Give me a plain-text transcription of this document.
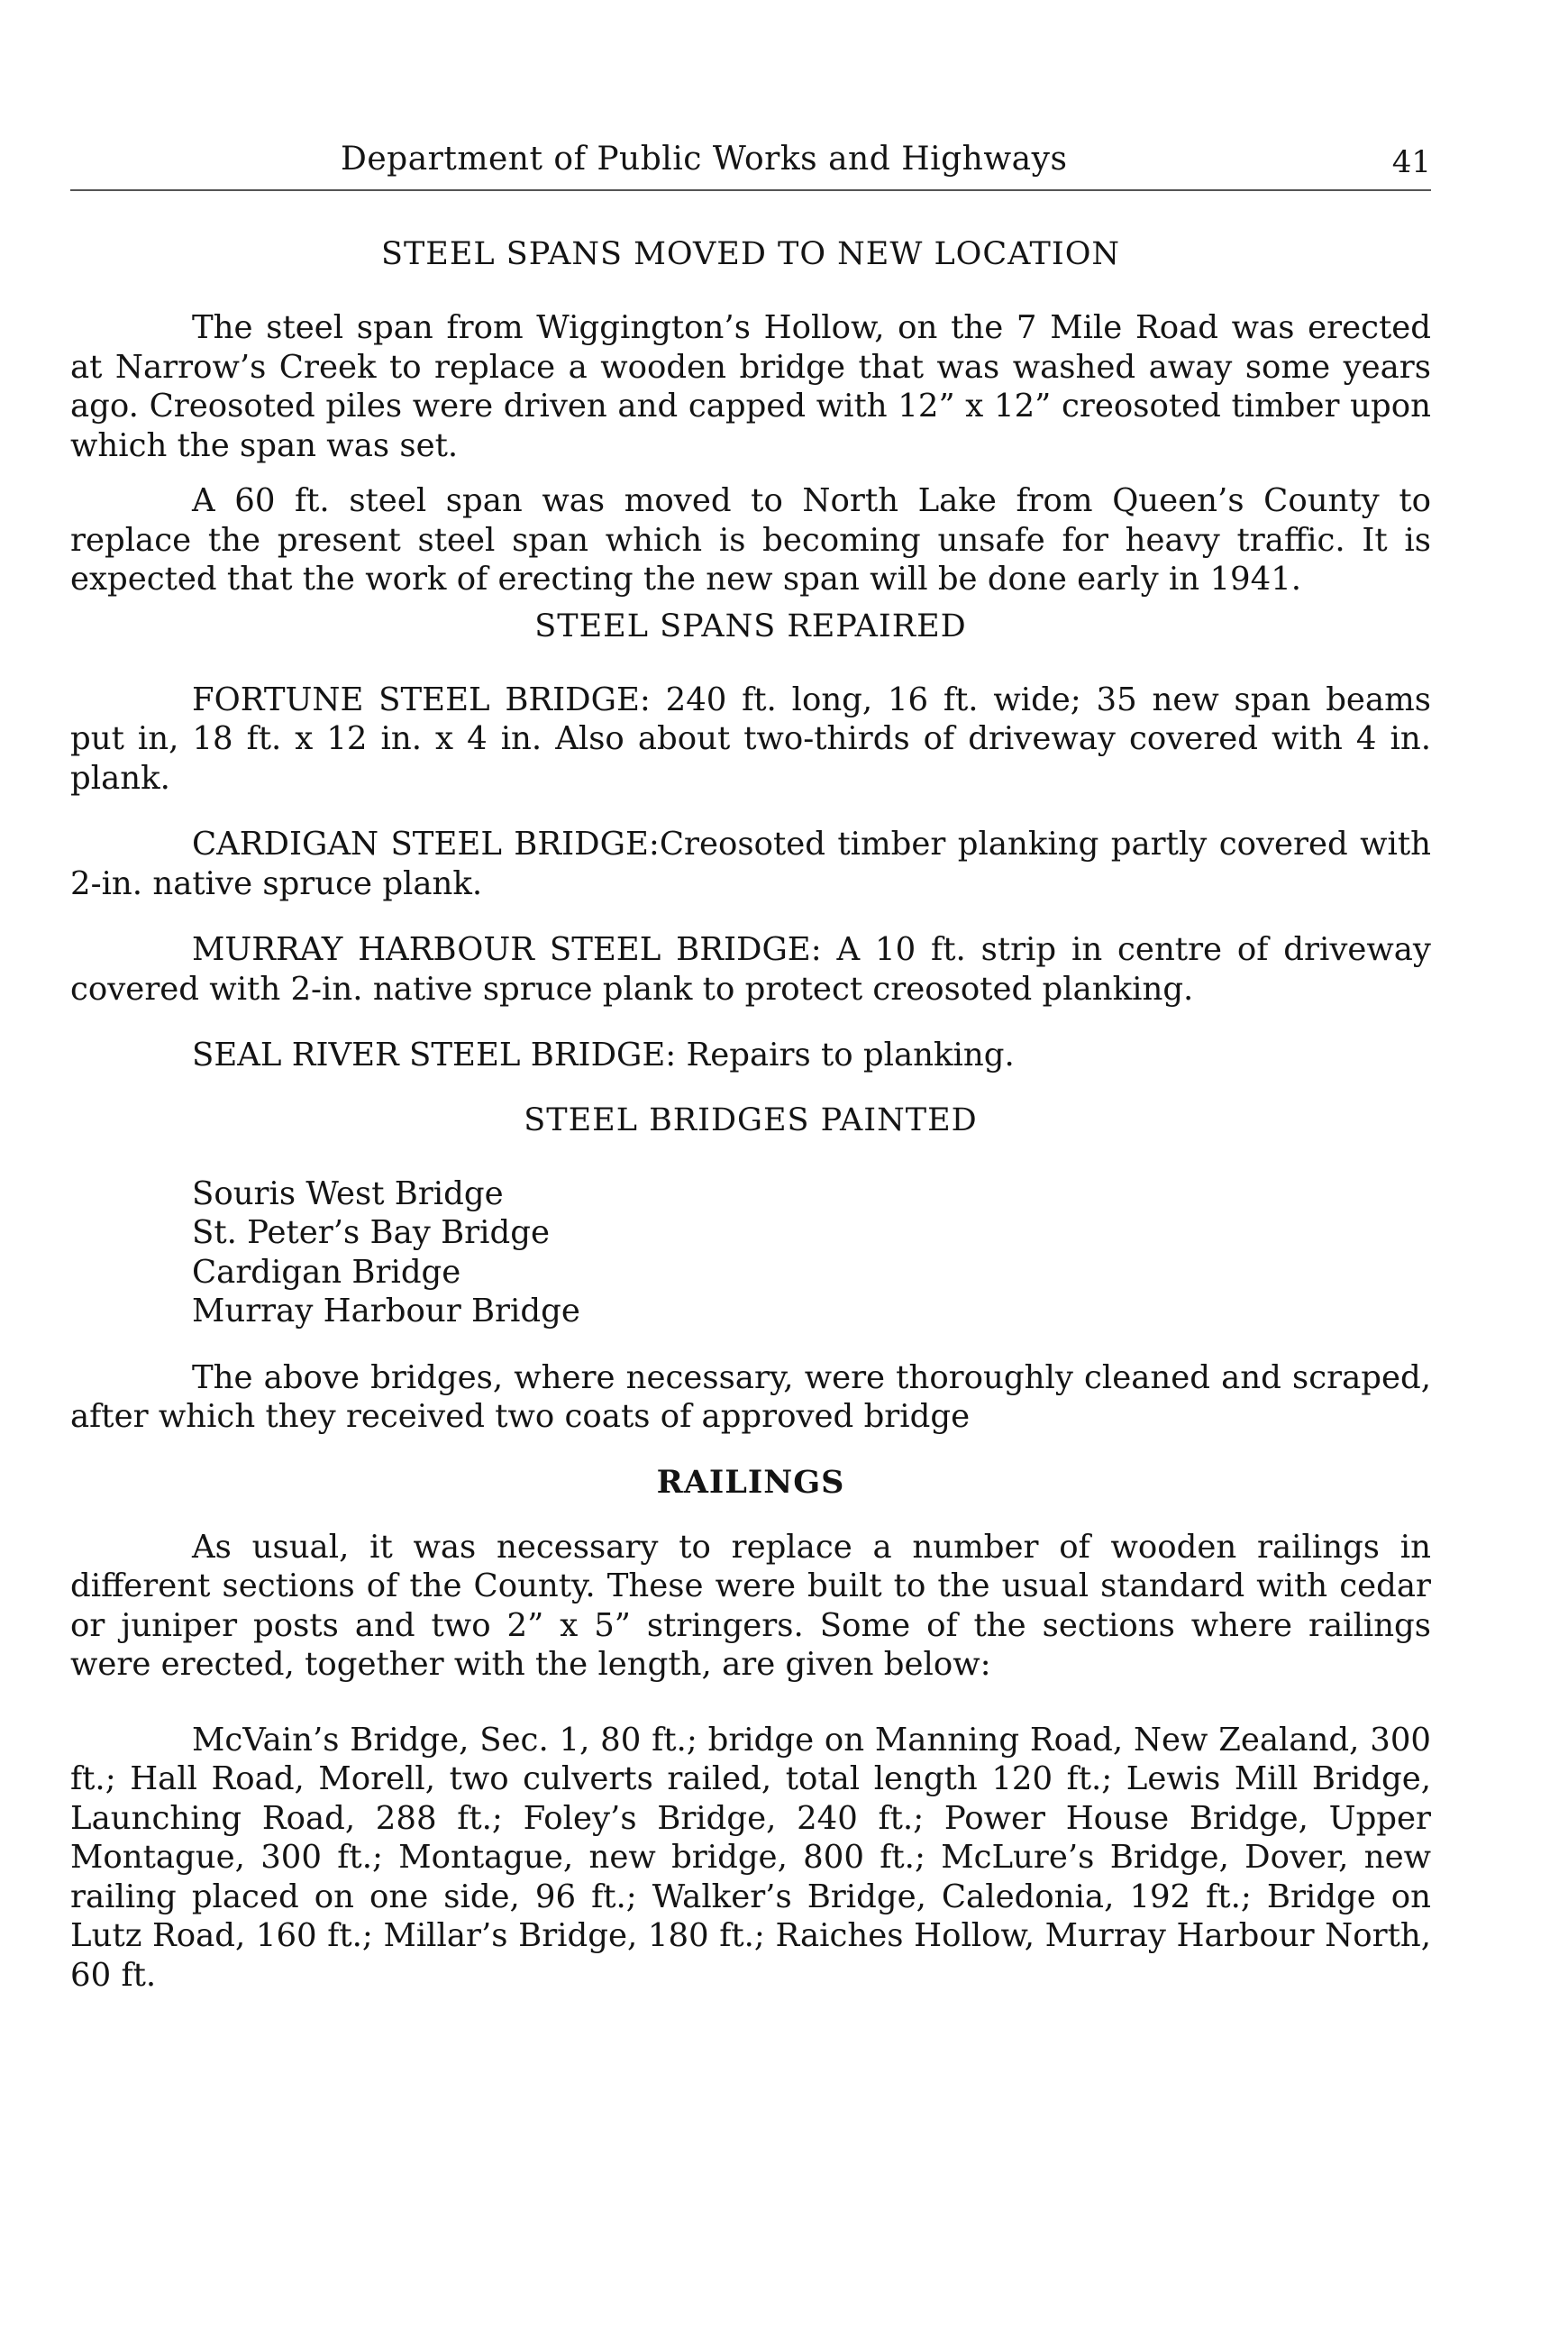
Department of Public Works and Highways	41
STEEL SPANS MOVED TO NEW LOCATION

The steel span from Wiggington’s Hollow, on the 7 Mile Road was erected at Narrow’s Creek to replace a wooden bridge that was washed away some years ago. Creosoted piles were driven and capped with 12” x 12” creosoted timber upon which the span was set.

A 60 ft. steel span was moved to North Lake from Queen’s County to replace the present steel span which is becoming unsafe for heavy traffic. It is expected that the work of erecting the new span will be done early in 1941.

STEEL SPANS REPAIRED

FORTUNE STEEL BRIDGE: 240 ft. long, 16 ft. wide; 35 new span beams put in, 18 ft. x 12 in. x 4 in. Also about two-thirds of driveway covered with 4 in. plank.

CARDIGAN STEEL BRIDGE:Creosoted timber planking partly covered with 2-in. native spruce plank.

MURRAY HARBOUR STEEL BRIDGE: A 10 ft. strip in centre of driveway covered with 2-in. native spruce plank to protect creosoted planking.

SEAL RIVER STEEL BRIDGE: Repairs to planking.

STEEL BRIDGES PAINTED
Souris West Bridge
St. Peter’s Bay Bridge
Cardigan Bridge
Murray Harbour Bridge

The above bridges, where necessary, were thoroughly cleaned and scraped, after which they received two coats of approved bridge

RAILINGS

As usual, it was necessary to replace a number of wooden railings in different sections of the County. These were built to the usual standard with cedar or juniper posts and two 2” x 5” stringers. Some of the sections where railings were erected, together with the length, are given below:

McVain’s Bridge, Sec. 1, 80 ft.; bridge on Manning Road, New Zealand, 300 ft.; Hall Road, Morell, two culverts railed, total length 120 ft.; Lewis Mill Bridge, Launching Road, 288 ft.; Foley’s Bridge, 240 ft.; Power House Bridge, Upper Montague, 300 ft.; Montague, new bridge, 800 ft.; McLure’s Bridge, Dover, new railing placed on one side, 96 ft.; Walker’s Bridge, Caledonia, 192 ft.; Bridge on Lutz Road, 160 ft.; Millar’s Bridge, 180 ft.; Raiches Hollow, Murray Harbour North, 60 ft.
